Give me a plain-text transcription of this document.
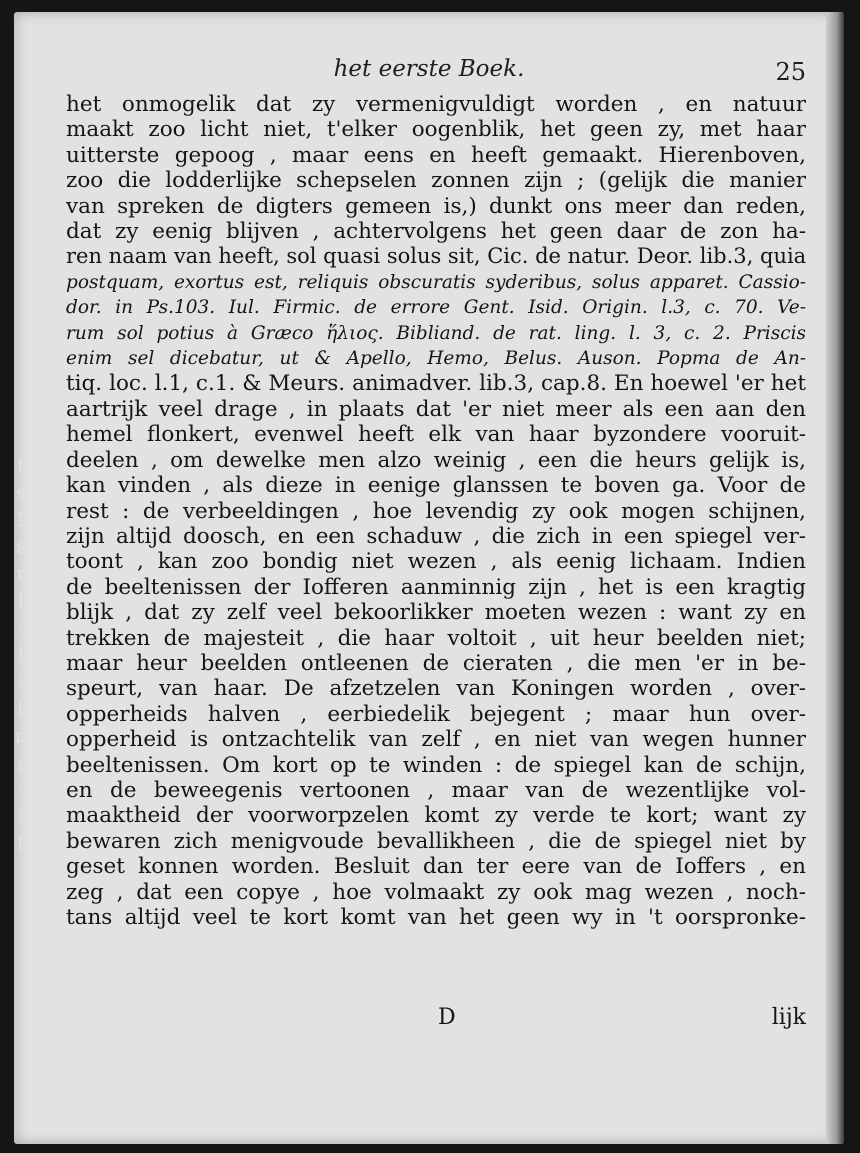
t
s
1
s
r
l
·
l
›
t
n
/
·
i
t
het eerste Boek.	25
het onmogelik dat zy vermenigvuldigt worden , en natuur
maakt zoo licht niet, t'elker oogenblik, het geen zy, met haar
uitterste gepoog , maar eens en heeft gemaakt. Hierenboven,
zoo die lodderlijke schepselen zonnen zijn ; (gelijk die manier
van spreken de digters gemeen is,) dunkt ons meer dan reden,
dat zy eenig blijven , achtervolgens het geen daar de zon ha-
ren naam van heeft, sol quasi solus sit, Cic. de natur. Deor. lib.3, quia
postquam, exortus est, reliquis obscuratis syderibus, solus apparet. Cassio-
dor. in Ps.103. Iul. Firmic. de errore Gent. Isid. Origin. l.3, c. 70. Ve-
rum sol potius à Græco ἥλιος. Bibliand. de rat. ling. l. 3, c. 2. Priscis
enim sel dicebatur, ut & Apello, Hemo, Belus. Auson. Popma de An-
tiq. loc. l.1, c.1. & Meurs. animadver. lib.3, cap.8. En hoewel 'er het
aartrijk veel drage , in plaats dat 'er niet meer als een aan den
hemel flonkert, evenwel heeft elk van haar byzondere vooruit-
deelen , om dewelke men alzo weinig , een die heurs gelijk is,
kan vinden , als dieze in eenige glanssen te boven ga. Voor de
rest : de verbeeldingen , hoe levendig zy ook mogen schijnen,
zijn altijd doosch, en een schaduw , die zich in een spiegel ver-
toont , kan zoo bondig niet wezen , als eenig lichaam. Indien
de beeltenissen der Iofferen aanminnig zijn , het is een kragtig
blijk , dat zy zelf veel bekoorlikker moeten wezen : want zy en
trekken de majesteit , die haar voltoit , uit heur beelden niet;
maar heur beelden ontleenen de cieraten , die men 'er in be-
speurt, van haar. De afzetzelen van Koningen worden , over-
opperheids halven , eerbiedelik bejegent ; maar hun over-
opperheid is ontzachtelik van zelf , en niet van wegen hunner
beeltenissen. Om kort op te winden : de spiegel kan de schijn,
en de beweegenis vertoonen , maar van de wezentlijke vol-
maaktheid der voorworpzelen komt zy verde te kort; want zy
bewaren zich menigvoude bevallikheen , die de spiegel niet by
geset konnen worden. Besluit dan ter eere van de Ioffers , en
zeg , dat een copye , hoe volmaakt zy ook mag wezen , noch-
tans altijd veel te kort komt van het geen wy in 't oorspronke-
D	lijk
